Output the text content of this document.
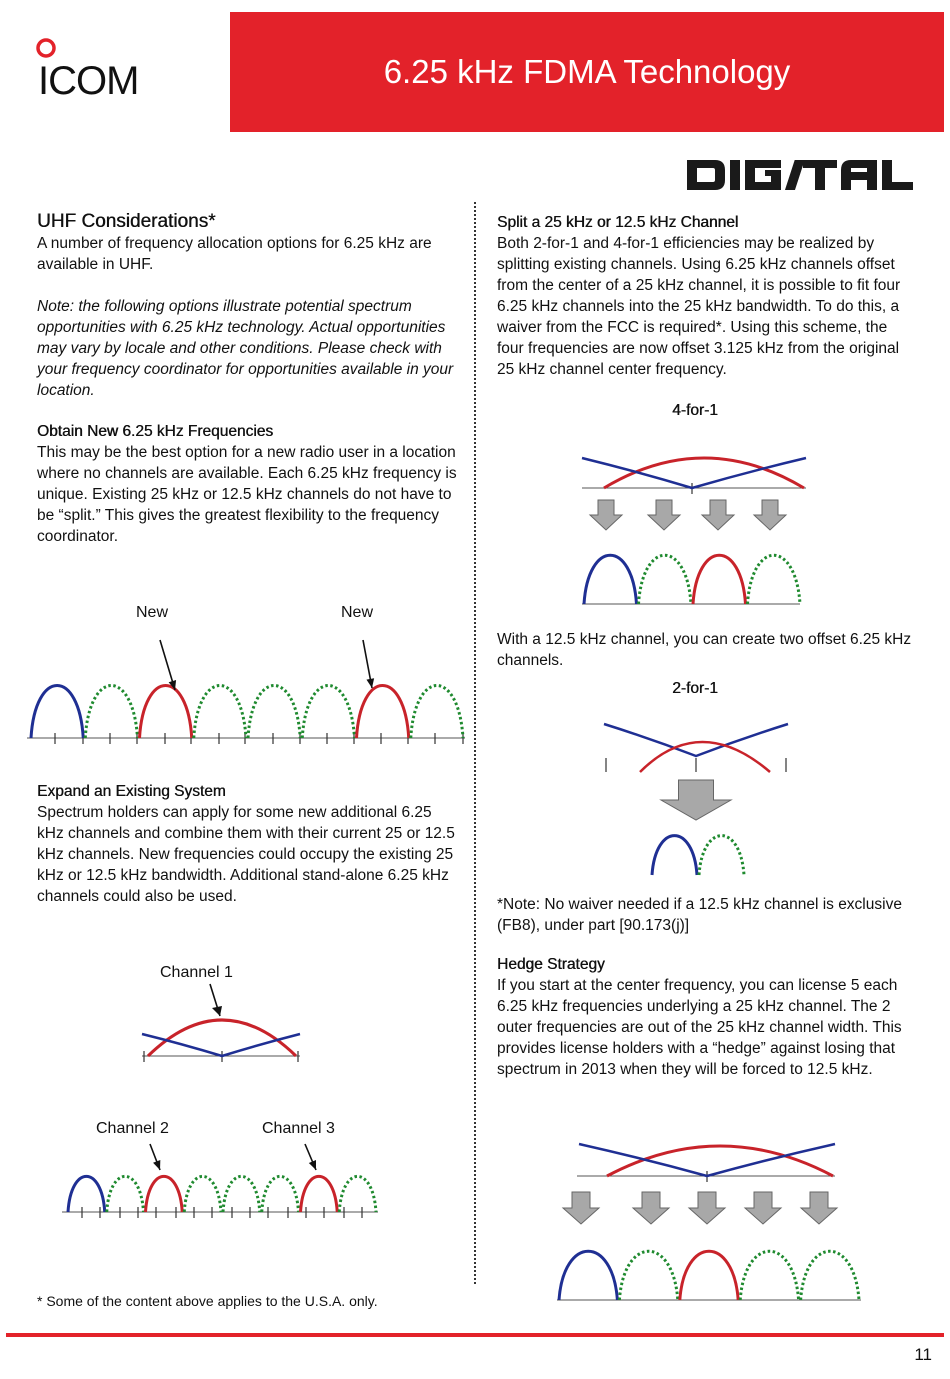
6.25 kHz FDMA Technology
ICOM
UHF Considerations*
A number of frequency allocation options for 6.25 kHz are available in UHF.
Note: the following options illustrate potential spectrum opportunities with 6.25 kHz technology. Actual opportunities may vary by locale and other conditions. Please check with your frequency coordinator for opportunities available in your location.
Obtain New 6.25 kHz Frequencies
This may be the best option for a new radio user in a location where no channels are available. Each 6.25 kHz frequency is unique. Existing 25 kHz or 12.5 kHz channels do not have to be “split.” This gives the greatest flexibility to the frequency coordinator.
New	New
Expand an Existing System
Spectrum holders can apply for some new additional 6.25 kHz channels and combine them with their current 25 or 12.5 kHz channels. New frequencies could occupy the existing 25 kHz or 12.5 kHz bandwidth. Additional stand-alone 6.25 kHz channels could also be used.
Channel 1
Channel 2	Channel 3
* Some of the content above applies to the U.S.A. only.
Split a 25 kHz or 12.5 kHz Channel
Both 2-for-1 and 4-for-1 efficiencies may be realized by splitting existing channels. Using 6.25 kHz channels offset from the center of a 25 kHz channel, it is possible to fit four 6.25 kHz channels into the 25 kHz bandwidth. To do this, a waiver from the FCC is required*. Using this scheme, the four frequencies are now offset 3.125 kHz from the original 25 kHz channel center frequency.
4-for-1
With a 12.5 kHz channel, you can create two offset 6.25 kHz channels.
2-for-1
*Note: No waiver needed if a 12.5 kHz channel is exclusive (FB8), under part [90.173(j)]
Hedge Strategy
If you start at the center frequency, you can license 5 each 6.25 kHz frequencies underlying a 25 kHz channel. The 2 outer frequencies are out of the 25 kHz channel width. This provides license holders with a “hedge” against losing that spectrum in 2013 when they will be forced to 12.5 kHz.
11
